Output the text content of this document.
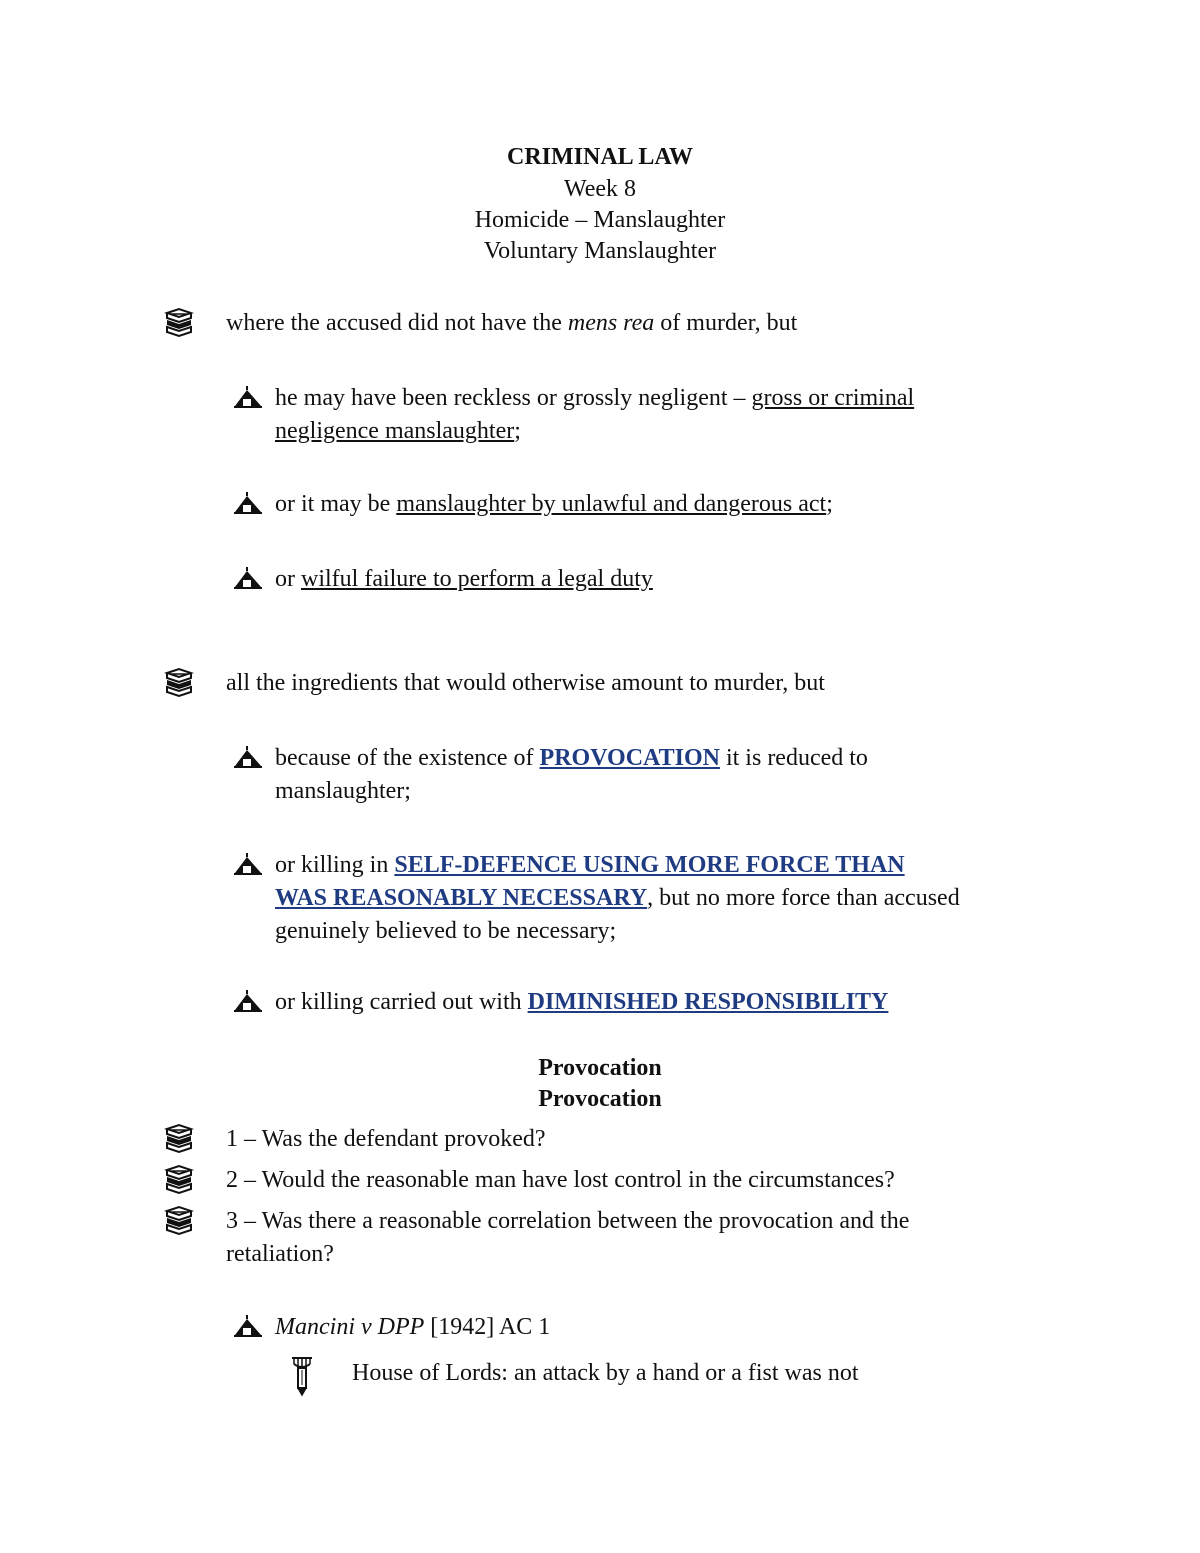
CRIMINAL LAW
Week 8
Homicide – Manslaughter
Voluntary Manslaughter
where the accused did not have the mens rea of murder, but
he may have been reckless or grossly negligent – gross or criminal
negligence manslaughter;
or it may be manslaughter by unlawful and dangerous act;
or wilful failure to perform a legal duty
all the ingredients that would otherwise amount to murder, but
because of the existence of PROVOCATION it is reduced to
manslaughter;
or killing in SELF-DEFENCE USING MORE FORCE THAN
WAS REASONABLY NECESSARY, but no more force than accused
genuinely believed to be necessary;
or killing carried out with DIMINISHED RESPONSIBILITY
Provocation
Provocation
1 – Was the defendant provoked?
2 – Would the reasonable man have lost control in the circumstances?
3 – Was there a reasonable correlation between the provocation and the
retaliation?
Mancini v DPP [1942] AC 1
House of Lords: an attack by a hand or a fist was not
